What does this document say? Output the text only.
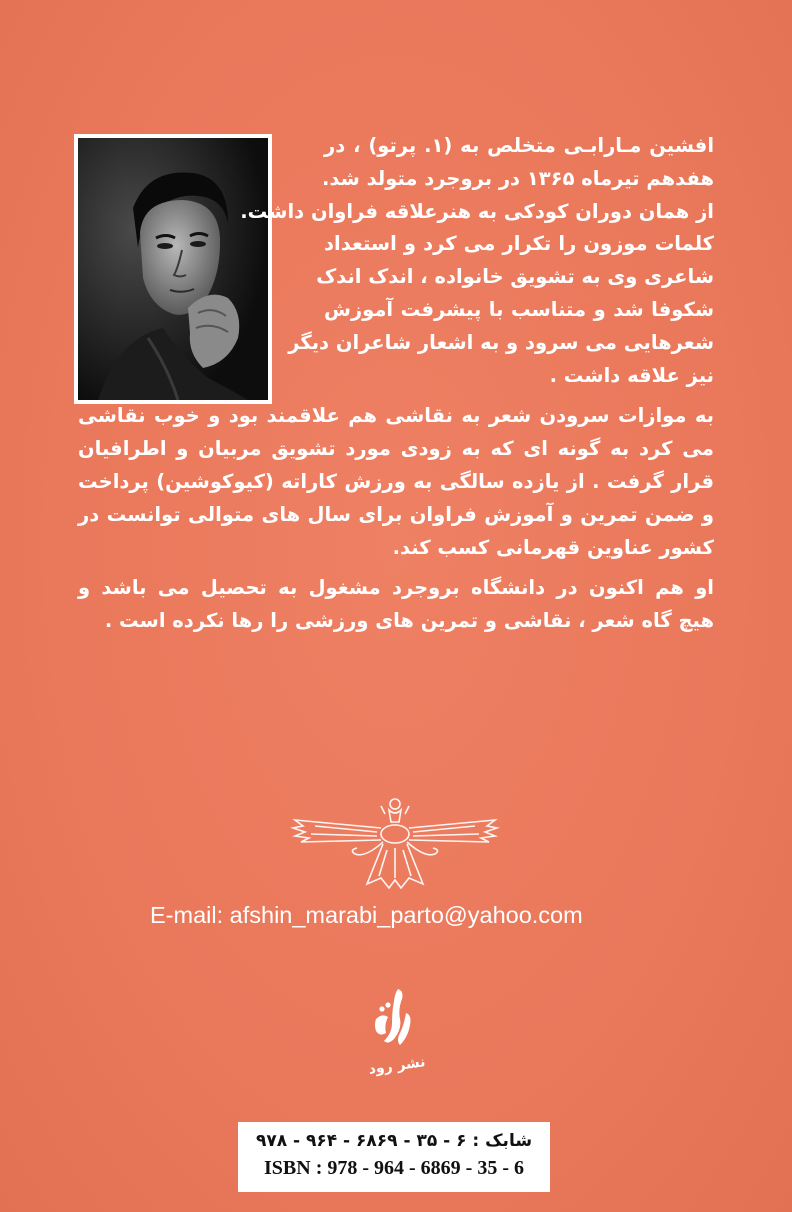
افشین مـارابـی متخلص به (۱. پرتو) ، در
هفدهم تیرماه ۱۳۶۵ در بروجرد متولد شد.
از همان دوران کودکی به هنرعلاقه فراوان داشت.
کلمات موزون را تکرار می کرد و استعداد
شاعری وی به تشویق خانواده ، اندک اندک
شکوفا شد و متناسب با پیشرفت آموزش
شعرهایی می سرود و به اشعار شاعران دیگر
نیز علاقه داشت .
به موازات سرودن شعر به نقاشی هم علاقمند بود و خوب نقاشی
می کرد به گونه ای که به زودی مورد تشویق مربیان و اطرافیان
قرار گرفت . از یازده سالگی به ورزش کاراته (کیوکوشین) پرداخت
و ضمن تمرین و آموزش فراوان برای سال های متوالی توانست در
کشور عناوین قهرمانی کسب کند.
او هم اکنون در دانشگاه بروجرد مشغول به تحصیل می باشد و
هیچ گاه شعر ، نقاشی و تمرین های ورزشی را رها نکرده است .
E-mail: afshin_marabi_parto@yahoo.com
نشر رود
شابک : ۶ - ۳۵ - ۶۸۶۹ - ۹۶۴ - ۹۷۸
ISBN : 978 - 964 - 6869 - 35 - 6
